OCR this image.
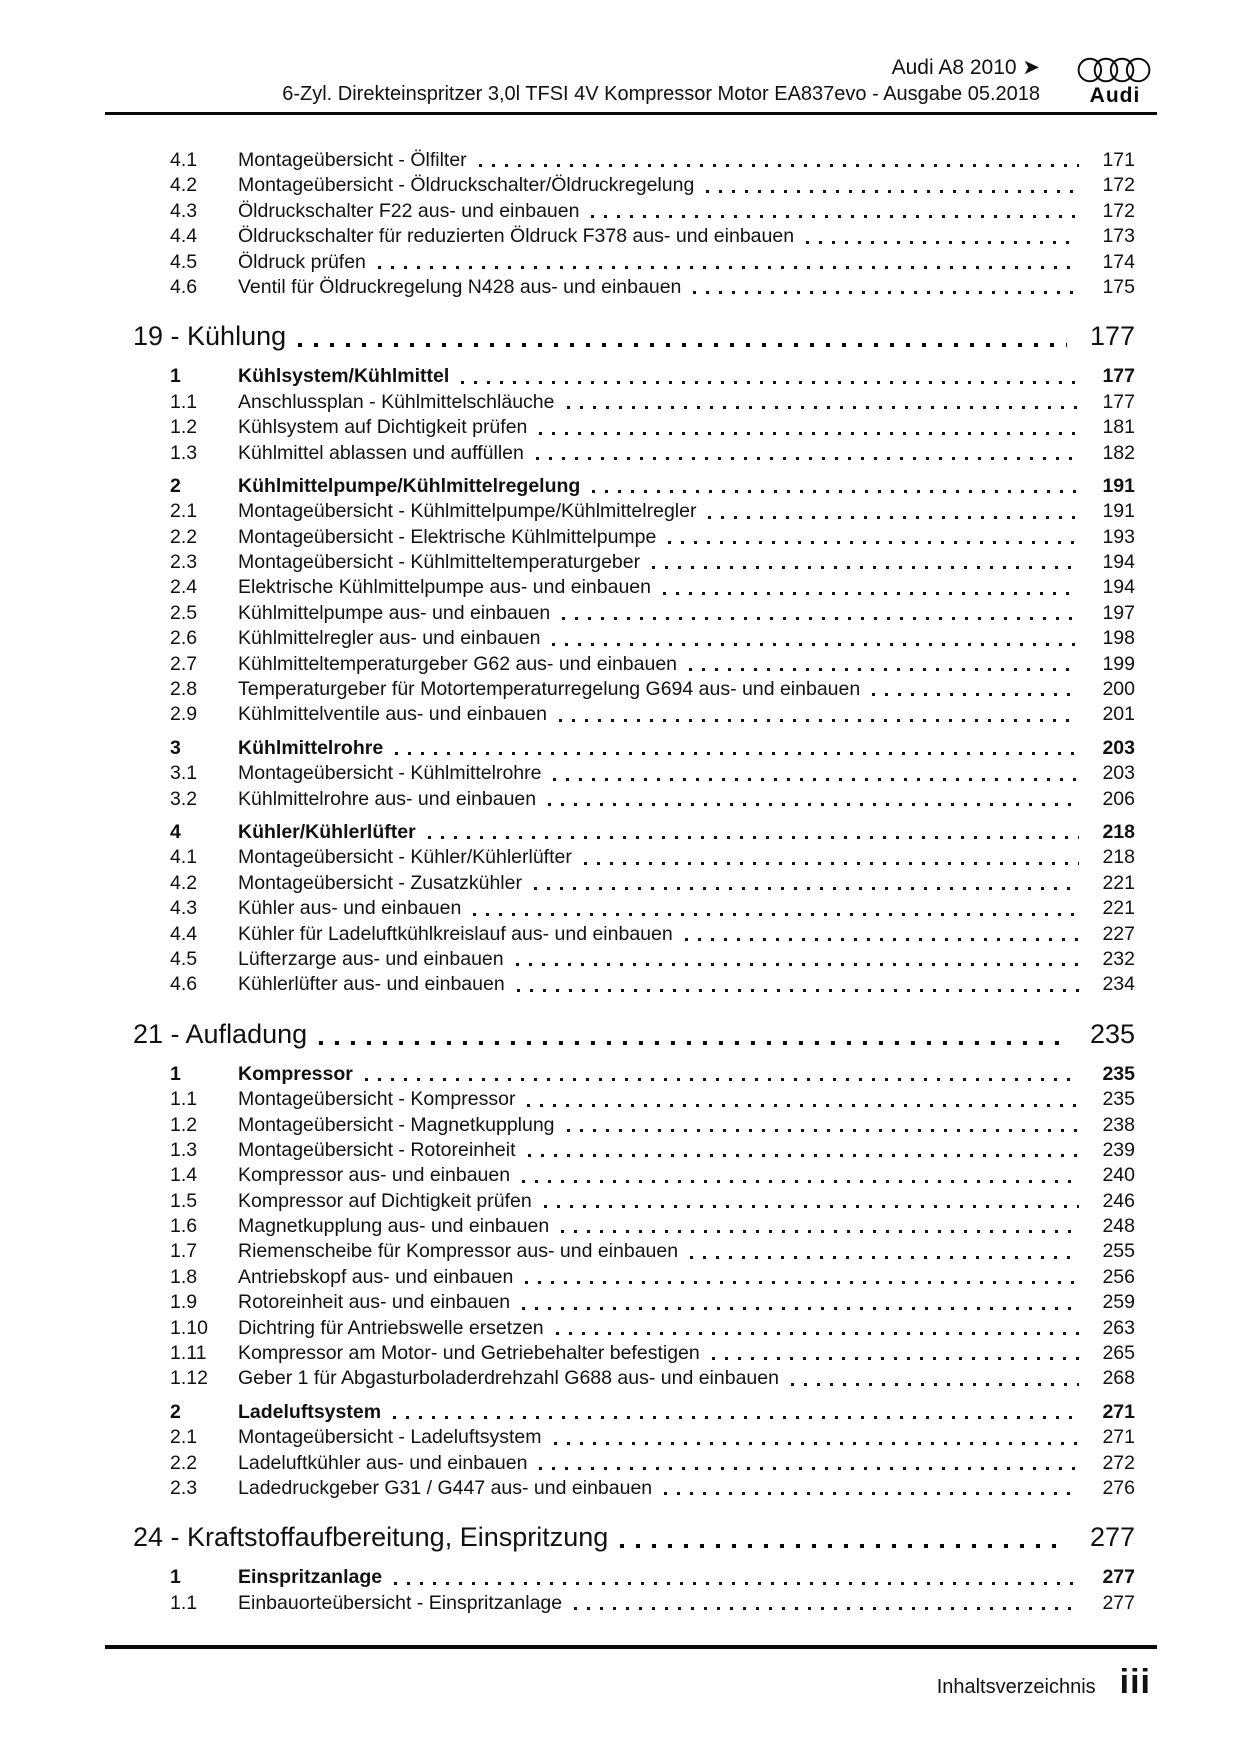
Audi
Audi A8 2010 ➤
6-Zyl. Direkteinspritzer 3,0l TFSI 4V Kompressor Motor EA837evo - Ausgabe 05.2018
4.1	Montageübersicht - Ölfilter	171
4.2	Montageübersicht - Öldruckschalter/Öldruckregelung	172
4.3	Öldruckschalter F22 aus- und einbauen	172
4.4	Öldruckschalter für reduzierten Öldruck F378 aus- und einbauen	173
4.5	Öldruck prüfen	174
4.6	Ventil für Öldruckregelung N428 aus- und einbauen	175
19 - Kühlung	177
1	Kühlsystem/Kühlmittel	177
1.1	Anschlussplan - Kühlmittelschläuche	177
1.2	Kühlsystem auf Dichtigkeit prüfen	181
1.3	Kühlmittel ablassen und auffüllen	182
2	Kühlmittelpumpe/Kühlmittelregelung	191
2.1	Montageübersicht - Kühlmittelpumpe/Kühlmittelregler	191
2.2	Montageübersicht - Elektrische Kühlmittelpumpe	193
2.3	Montageübersicht - Kühlmitteltemperaturgeber	194
2.4	Elektrische Kühlmittelpumpe aus- und einbauen	194
2.5	Kühlmittelpumpe aus- und einbauen	197
2.6	Kühlmittelregler aus- und einbauen	198
2.7	Kühlmitteltemperaturgeber G62 aus- und einbauen	199
2.8	Temperaturgeber für Motortemperaturregelung G694 aus- und einbauen	200
2.9	Kühlmittelventile aus- und einbauen	201
3	Kühlmittelrohre	203
3.1	Montageübersicht - Kühlmittelrohre	203
3.2	Kühlmittelrohre aus- und einbauen	206
4	Kühler/Kühlerlüfter	218
4.1	Montageübersicht - Kühler/Kühlerlüfter	218
4.2	Montageübersicht - Zusatzkühler	221
4.3	Kühler aus- und einbauen	221
4.4	Kühler für Ladeluftkühlkreislauf aus- und einbauen	227
4.5	Lüfterzarge aus- und einbauen	232
4.6	Kühlerlüfter aus- und einbauen	234
21 - Aufladung	235
1	Kompressor	235
1.1	Montageübersicht - Kompressor	235
1.2	Montageübersicht - Magnetkupplung	238
1.3	Montageübersicht - Rotoreinheit	239
1.4	Kompressor aus- und einbauen	240
1.5	Kompressor auf Dichtigkeit prüfen	246
1.6	Magnetkupplung aus- und einbauen	248
1.7	Riemenscheibe für Kompressor aus- und einbauen	255
1.8	Antriebskopf aus- und einbauen	256
1.9	Rotoreinheit aus- und einbauen	259
1.10	Dichtring für Antriebswelle ersetzen	263
1.11	Kompressor am Motor- und Getriebehalter befestigen	265
1.12	Geber 1 für Abgasturboladerdrehzahl G688 aus- und einbauen	268
2	Ladeluftsystem	271
2.1	Montageübersicht - Ladeluftsystem	271
2.2	Ladeluftkühler aus- und einbauen	272
2.3	Ladedruckgeber G31 / G447 aus- und einbauen	276
24 - Kraftstoffaufbereitung, Einspritzung	277
1	Einspritzanlage	277
1.1	Einbauorteübersicht - Einspritzanlage	277
Inhaltsverzeichnis iii
